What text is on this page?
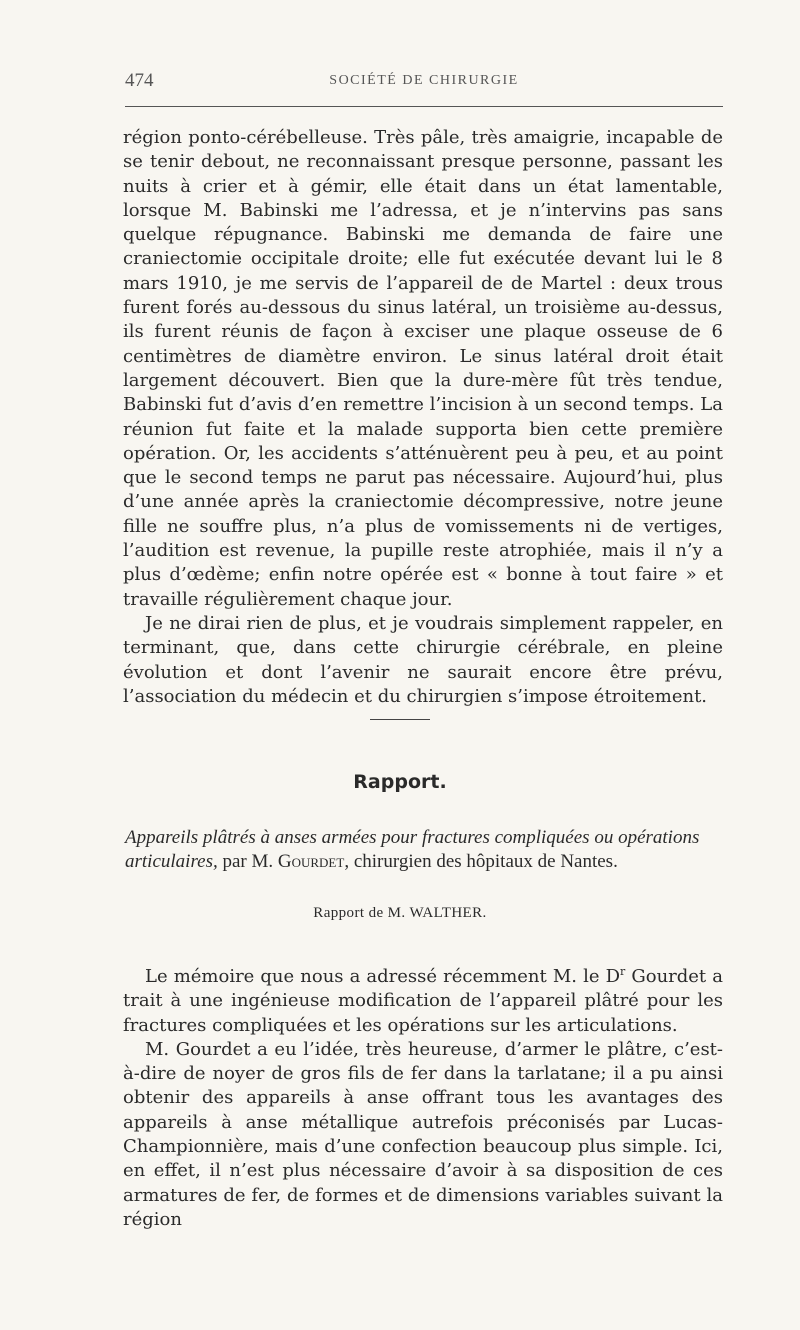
474	SOCIÉTÉ DE CHIRURGIE

région ponto-cérébelleuse. Très pâle, très amaigrie, incapable de se tenir debout, ne reconnaissant presque personne, passant les nuits à crier et à gémir, elle était dans un état lamentable, lorsque M. Babinski me l’adressa, et je n’intervins pas sans quelque répugnance. Babinski me demanda de faire une craniectomie occipitale droite; elle fut exécutée devant lui le 8 mars 1910, je me servis de l’appareil de de Martel : deux trous furent forés au-dessous du sinus latéral, un troisième au-dessus, ils furent réunis de façon à exciser une plaque osseuse de 6 centimètres de diamètre environ. Le sinus latéral droit était largement découvert. Bien que la dure-mère fût très tendue, Babinski fut d’avis d’en remettre l’incision à un second temps. La réunion fut faite et la malade supporta bien cette première opération. Or, les accidents s’atténuèrent peu à peu, et au point que le second temps ne parut pas nécessaire. Aujourd’hui, plus d’une année après la craniectomie décompressive, notre jeune fille ne souffre plus, n’a plus de vomissements ni de vertiges, l’audition est revenue, la pupille reste atrophiée, mais il n’y a plus d’œdème; enfin notre opérée est « bonne à tout faire » et travaille régulièrement chaque jour.

Je ne dirai rien de plus, et je voudrais simplement rappeler, en terminant, que, dans cette chirurgie cérébrale, en pleine évolution et dont l’avenir ne saurait encore être prévu, l’association du médecin et du chirurgien s’impose étroitement.

Rapport.
Appareils plâtrés à anses armées pour fractures compliquées ou opérations articulaires, par M. Gourdet, chirurgien des hôpitaux de Nantes.
Rapport de M. WALTHER.

Le mémoire que nous a adressé récemment M. le $D^r$ Gourdet a trait à une ingénieuse modification de l’appareil plâtré pour les fractures compliquées et les opérations sur les articulations.

M. Gourdet a eu l’idée, très heureuse, d’armer le plâtre, c’est-à-dire de noyer de gros fils de fer dans la tarlatane; il a pu ainsi obtenir des appareils à anse offrant tous les avantages des appareils à anse métallique autrefois préconisés par Lucas-Championnière, mais d’une confection beaucoup plus simple. Ici, en effet, il n’est plus nécessaire d’avoir à sa disposition de ces armatures de fer, de formes et de dimensions variables suivant la région
